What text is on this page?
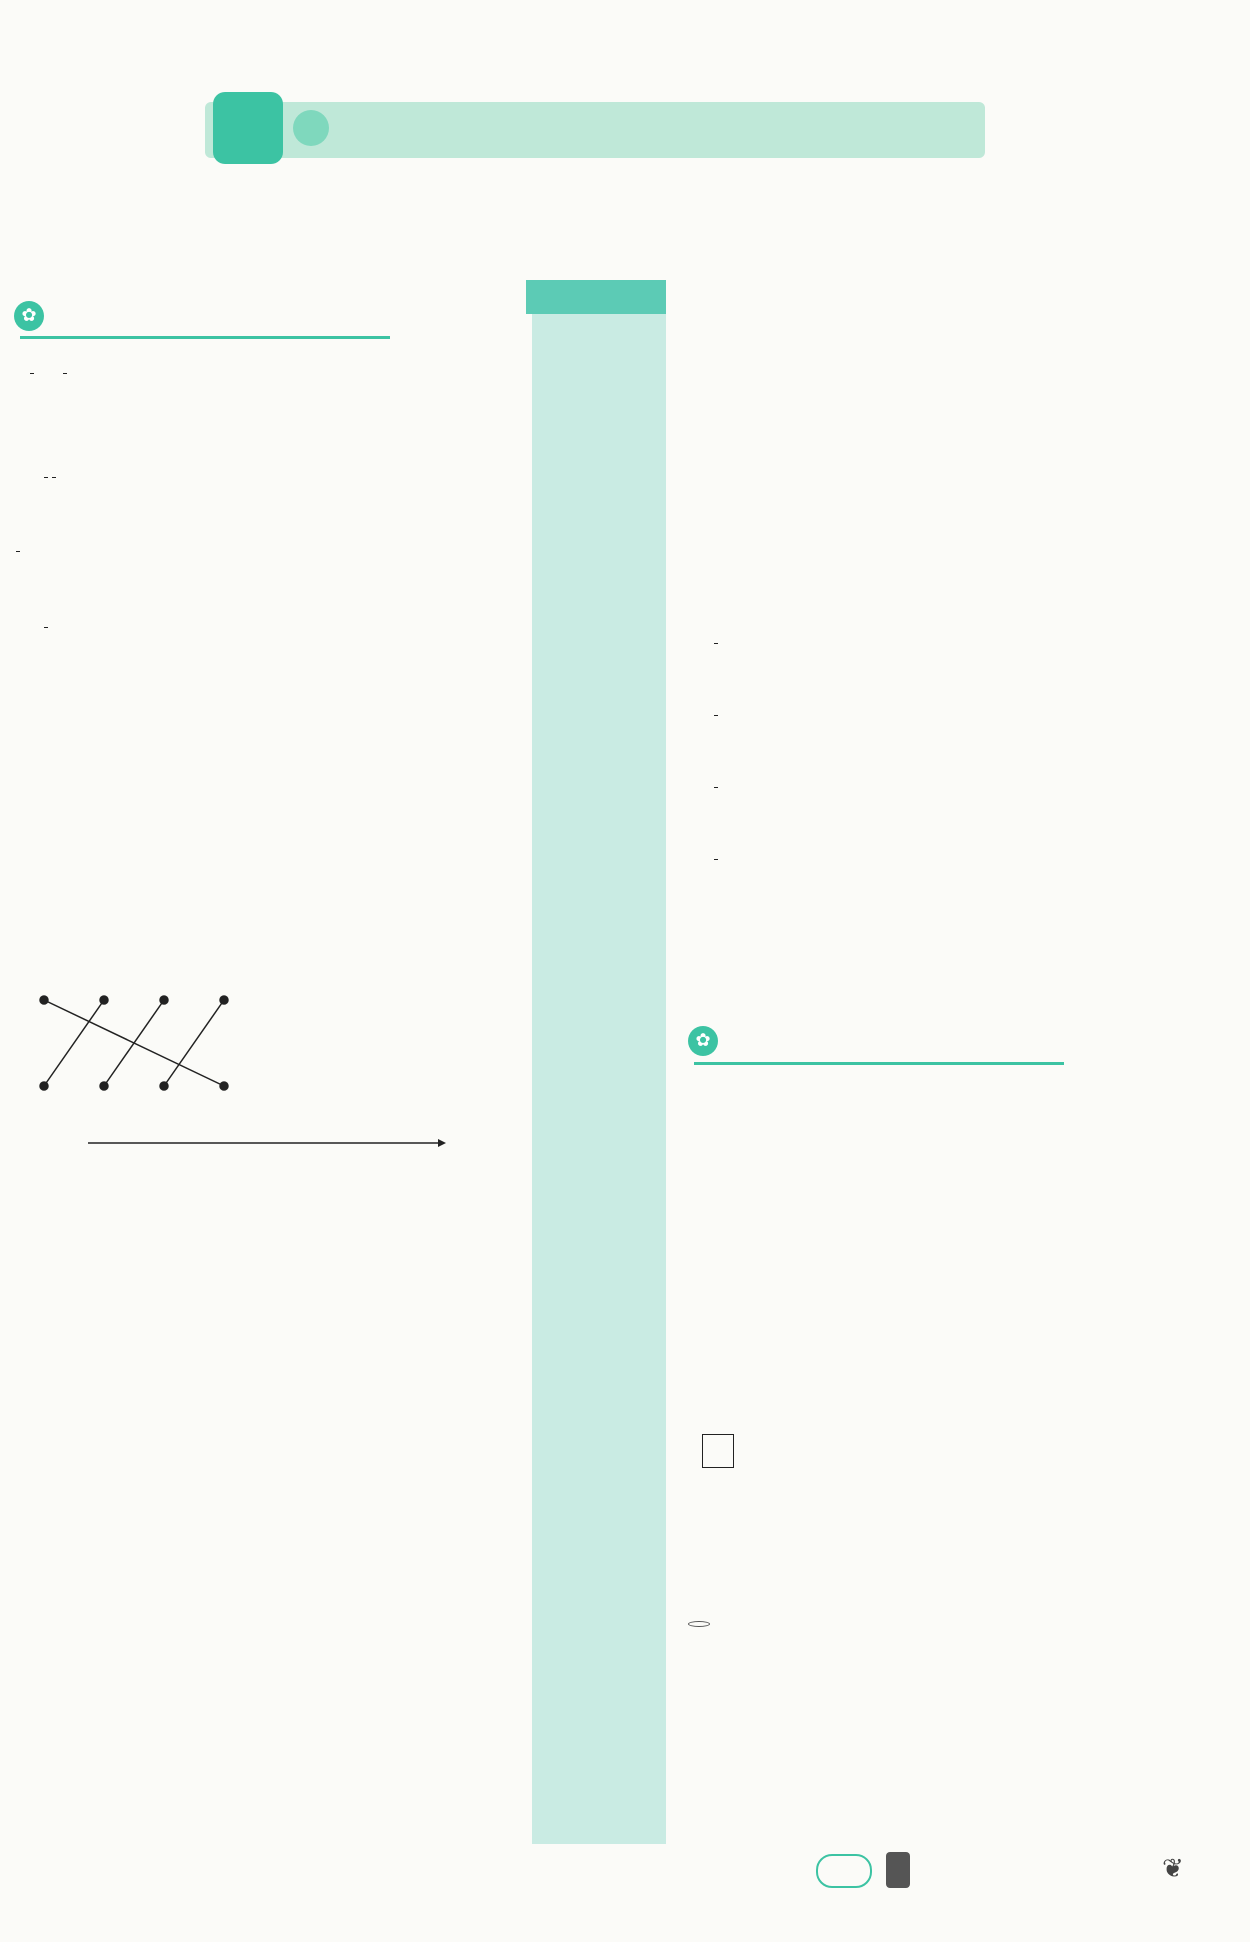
✿

✿

❦
